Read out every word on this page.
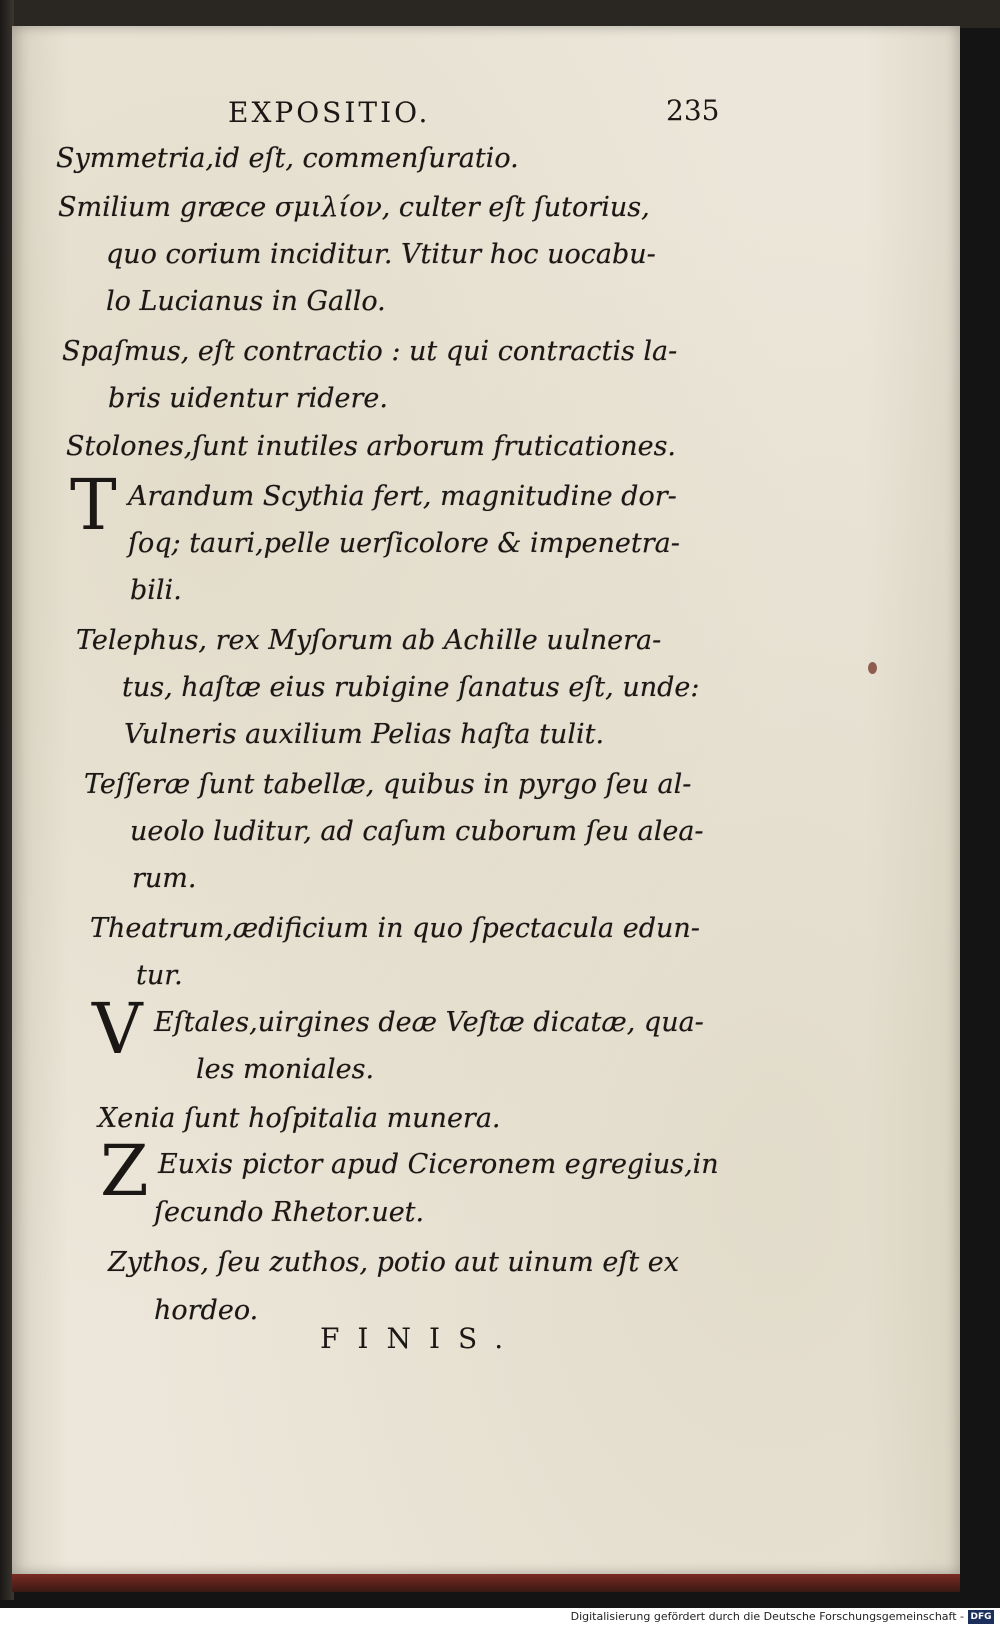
EXPOSITIO.	235
Symmetria,id eſt, commenſuratio.
Smilium græce σμιλίον, culter eſt ſutorius,
quo corium inciditur. Vtitur hoc uocabu-
lo Lucianus in Gallo.
Spaſmus, eſt contractio : ut qui contractis la-
bris uidentur ridere.
Stolones,ſunt inutiles arborum fruticationes.
T Arandum Scythia fert, magnitudine dor-
ſoq; tauri,pelle uerſicolore & impenetra-
bili.
Telephus, rex Myſorum ab Achille uulnera-
tus, haſtæ eius rubigine ſanatus eſt, unde:
Vulneris auxilium Pelias haſta tulit.
Teſſeræ ſunt tabellæ, quibus in pyrgo ſeu al-
ueolo luditur, ad caſum cuborum ſeu alea-
rum.
Theatrum,ædificium in quo ſpectacula edun-
tur.
V Eſtales,uirgines deæ Veſtæ dicatæ, qua-
les moniales.
Xenia ſunt hoſpitalia munera.
Z Euxis pictor apud Ciceronem egregius,in
ſecundo Rhetor.uet.
Zythos, ſeu zuthos, potio aut uinum eſt ex
hordeo.
FINIS.
Digitalisierung gefördert durch die Deutsche Forschungsgemeinschaft - DFG
